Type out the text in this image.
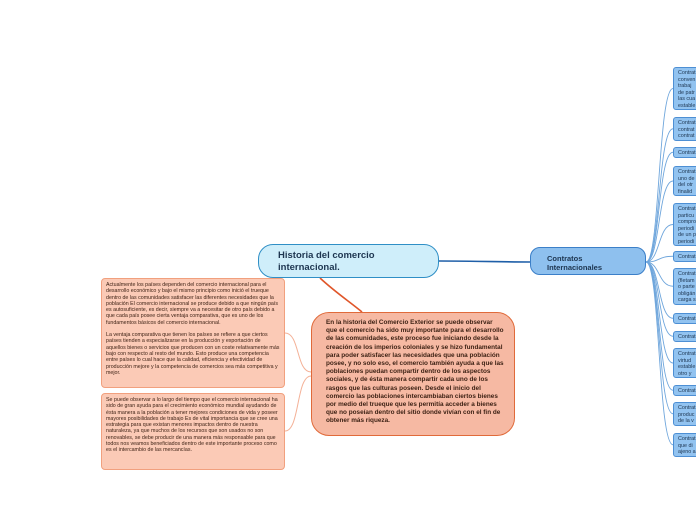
Historia del comercio
internacional.
Contratos
Internacionales
En la historia del Comercio Exterior se puede observar que el comercio ha sido muy importante para el desarrollo de las comunidades, este proceso fue iniciando desde la creación de los imperios coloniales y se hizo fundamental para poder satisfacer las necesidades que una población posee, y no solo eso, el comercio también ayuda a que las poblaciones puedan compartir dentro de los aspectos sociales, y de ésta manera compartir cada uno de los rasgos que las culturas poseen. Desde el inicio del comercio las poblaciones intercambiaban ciertos bienes por medio del trueque que les permitía acceder a bienes que no poseían dentro del sitio donde vivían con el fin de obtener más riqueza.

Actualmente los países dependen del comercio internacional para el desarrollo económico y bajo el mismo principio como inició el trueque dentro de las comunidades satisfacer las diferentes necesidades que la población El comercio internacional se produce debido a que ningún país es autosuficiente, es decir, siempre va a necesitar de otro país debido a que cada país posee cierta ventaja comparativa, que es uno de los fundamentos básicos del comercio internacional.

La ventaja comparativa que tienen los países se refiere a que ciertos países tienden a especializarse en la producción y exportación de aquellos bienes o servicios que producen con un coste relativamente más bajo con respecto al resto del mundo. Esto produce una competencia entre países lo cual hace que la calidad, eficiencia y efectividad de producción mejore y la competencia de comercios sea más competitiva y mejor.

Se puede observar a lo largo del tiempo que el comercio internacional ha sido de gran ayuda para el crecimiento económico mundial ayudando de ésta manera a la población a tener mejores condiciones de vida y poseer mayores posibilidades de trabajo Es de vital importancia que se cree una estrategia para que existan menores impactos dentro de nuestra naturaleza, ya que muchos de los recursos que son usados no son renovables, se debe producir de una manera más responsable para que todos nos veamos beneficiados dentro de este importante proceso como es el intercambio de las mercancías.

Contrat
conven
trabaj
de patr
las cua
estable
Contrat
contrat
contrat
Contrat
Contrat
uno de
del otr
finalid
Contrat
particu
compro
periodi
de un p
periodi
Contrat
Contrat
(fletam
o parte
obligán
carga s
Contrat
Contrat
Contrat
virtud
estable
otro y
Contrat
Contrat
produc
de la v
Contrat
que di
ajeno a
